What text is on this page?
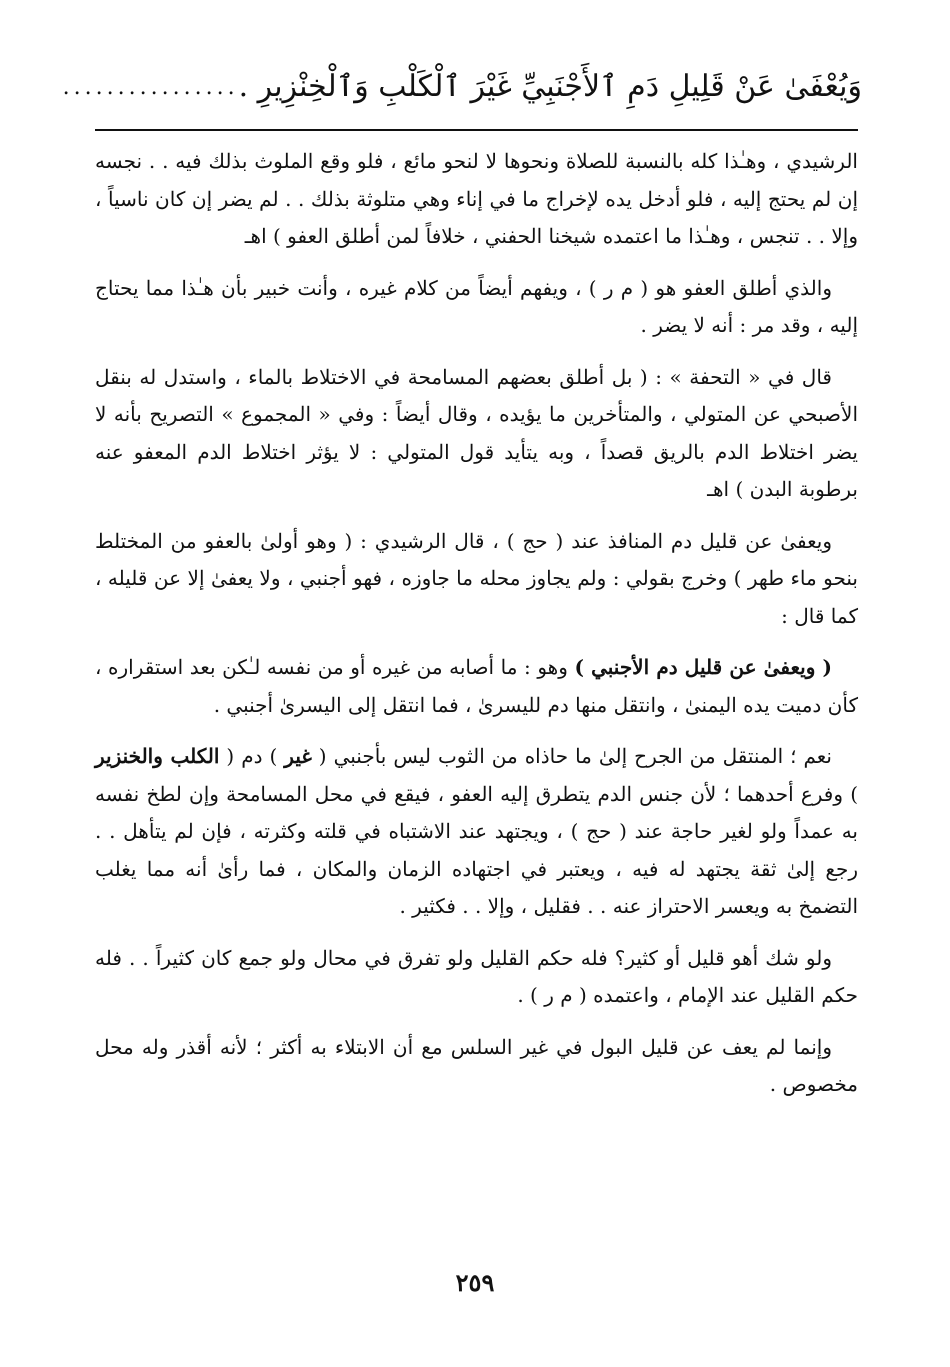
وَيُعْفَىٰ عَنْ قَلِيلِ دَمِ ٱلأَجْنَبِيِّ غَيْرَ ٱلْكَلْبِ وَٱلْخِنْزِيرِ .
................

الرشيدي ، وهـٰذا كله بالنسبة للصلاة ونحوها لا لنحو مائع ، فلو وقع الملوث بذلك فيه . . نجسه إن لم يحتج إليه ، فلو أدخل يده لإخراج ما في إناء وهي متلوثة بذلك . . لم يضر إن كان ناسياً ، وإلا . . تنجس ، وهـٰذا ما اعتمده شيخنا الحفني ، خلافاً لمن أطلق العفو ) اهـ

والذي أطلق العفو هو ( م ر ) ، ويفهم أيضاً من كلام غيره ، وأنت خبير بأن هـٰذا مما يحتاج إليه ، وقد مر : أنه لا يضر .

قال في « التحفة » : ( بل أطلق بعضهم المسامحة في الاختلاط بالماء ، واستدل له بنقل الأصبحي عن المتولي ، والمتأخرين ما يؤيده ، وقال أيضاً : وفي « المجموع » التصريح بأنه لا يضر اختلاط الدم بالريق قصداً ، وبه يتأيد قول المتولي : لا يؤثر اختلاط الدم المعفو عنه برطوبة البدن ) اهـ

ويعفىٰ عن قليل دم المنافذ عند ( حج ) ، قال الرشيدي : ( وهو أولىٰ بالعفو من المختلط بنحو ماء طهر ) وخرج بقولي : ولم يجاوز محله ما جاوزه ، فهو أجنبي ، ولا يعفىٰ إلا عن قليله ، كما قال :

( ويعفىٰ عن قليل دم الأجنبي ) وهو : ما أصابه من غيره أو من نفسه لـٰكن بعد استقراره ، كأن دميت يده اليمنىٰ ، وانتقل منها دم لليسرىٰ ، فما انتقل إلى اليسرىٰ أجنبي .

نعم ؛ المنتقل من الجرح إلىٰ ما حاذاه من الثوب ليس بأجنبي ( غير ) دم ( الكلب والخنزير ) وفرع أحدهما ؛ لأن جنس الدم يتطرق إليه العفو ، فيقع في محل المسامحة وإن لطخ نفسه به عمداً ولو لغير حاجة عند ( حج ) ، ويجتهد عند الاشتباه في قلته وكثرته ، فإن لم يتأهل . . رجع إلىٰ ثقة يجتهد له فيه ، ويعتبر في اجتهاده الزمان والمكان ، فما رأىٰ أنه مما يغلب التضمخ به ويعسر الاحتراز عنه . . فقليل ، وإلا . . فكثير .

ولو شك أهو قليل أو كثير؟ فله حكم القليل ولو تفرق في محال ولو جمع كان كثيراً . . فله حكم القليل عند الإمام ، واعتمده ( م ر ) .

وإنما لم يعف عن قليل البول في غير السلس مع أن الابتلاء به أكثر ؛ لأنه أقذر وله محل مخصوص .

٢٥٩
